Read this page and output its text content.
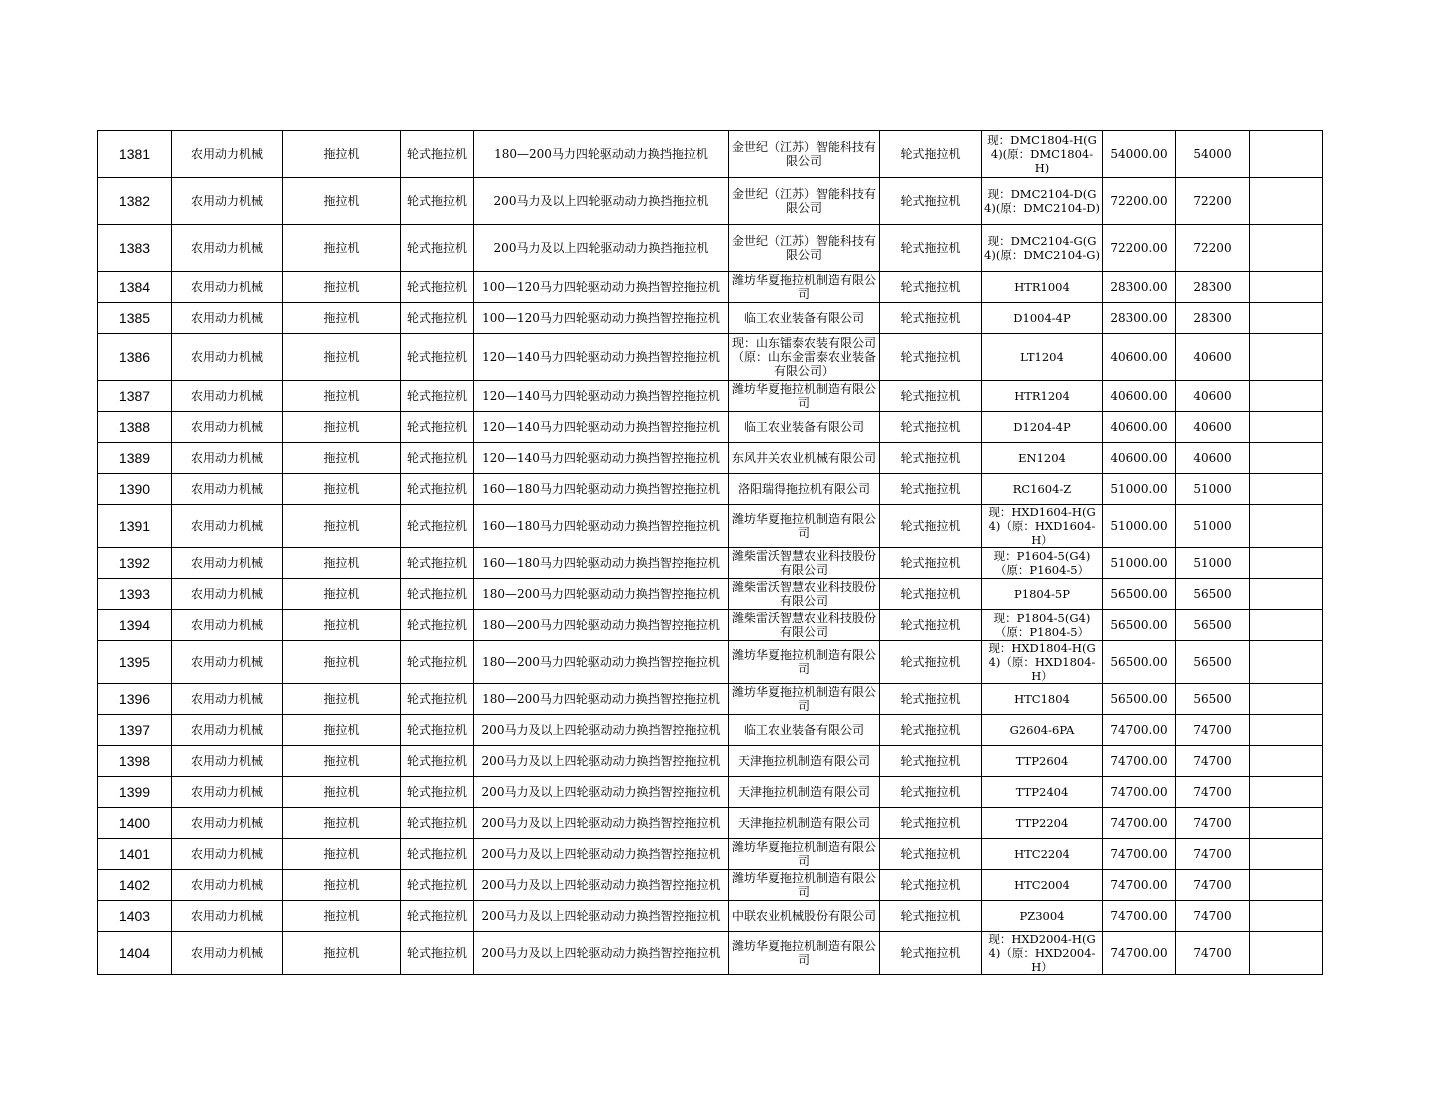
1381	农用动力机械	拖拉机	轮式拖拉机	180—200马力四轮驱动动力换挡拖拉机	金世纪（江苏）智能科技有限公司	轮式拖拉机	现：DMC1804-H(G4)(原：DMC1804-H)	54000.00	54000	
1382	农用动力机械	拖拉机	轮式拖拉机	200马力及以上四轮驱动动力换挡拖拉机	金世纪（江苏）智能科技有限公司	轮式拖拉机	现：DMC2104-D(G4)(原：DMC2104-D)	72200.00	72200	
1383	农用动力机械	拖拉机	轮式拖拉机	200马力及以上四轮驱动动力换挡拖拉机	金世纪（江苏）智能科技有限公司	轮式拖拉机	现：DMC2104-G(G4)(原：DMC2104-G)	72200.00	72200	
1384	农用动力机械	拖拉机	轮式拖拉机	100—120马力四轮驱动动力换挡智控拖拉机	潍坊华夏拖拉机制造有限公司	轮式拖拉机	HTR1004	28300.00	28300	
1385	农用动力机械	拖拉机	轮式拖拉机	100—120马力四轮驱动动力换挡智控拖拉机	临工农业装备有限公司	轮式拖拉机	D1004-4P	28300.00	28300	
1386	农用动力机械	拖拉机	轮式拖拉机	120—140马力四轮驱动动力换挡智控拖拉机	现：山东镭泰农装有限公司（原：山东金雷泰农业装备有限公司）	轮式拖拉机	LT1204	40600.00	40600	
1387	农用动力机械	拖拉机	轮式拖拉机	120—140马力四轮驱动动力换挡智控拖拉机	潍坊华夏拖拉机制造有限公司	轮式拖拉机	HTR1204	40600.00	40600	
1388	农用动力机械	拖拉机	轮式拖拉机	120—140马力四轮驱动动力换挡智控拖拉机	临工农业装备有限公司	轮式拖拉机	D1204-4P	40600.00	40600	
1389	农用动力机械	拖拉机	轮式拖拉机	120—140马力四轮驱动动力换挡智控拖拉机	东风井关农业机械有限公司	轮式拖拉机	EN1204	40600.00	40600	
1390	农用动力机械	拖拉机	轮式拖拉机	160—180马力四轮驱动动力换挡智控拖拉机	洛阳瑞得拖拉机有限公司	轮式拖拉机	RC1604-Z	51000.00	51000	
1391	农用动力机械	拖拉机	轮式拖拉机	160—180马力四轮驱动动力换挡智控拖拉机	潍坊华夏拖拉机制造有限公司	轮式拖拉机	现：HXD1604-H(G4)（原：HXD1604-H）	51000.00	51000	
1392	农用动力机械	拖拉机	轮式拖拉机	160—180马力四轮驱动动力换挡智控拖拉机	潍柴雷沃智慧农业科技股份有限公司	轮式拖拉机	现：P1604-5(G4)（原：P1604-5）	51000.00	51000	
1393	农用动力机械	拖拉机	轮式拖拉机	180—200马力四轮驱动动力换挡智控拖拉机	潍柴雷沃智慧农业科技股份有限公司	轮式拖拉机	P1804-5P	56500.00	56500	
1394	农用动力机械	拖拉机	轮式拖拉机	180—200马力四轮驱动动力换挡智控拖拉机	潍柴雷沃智慧农业科技股份有限公司	轮式拖拉机	现：P1804-5(G4)（原：P1804-5）	56500.00	56500	
1395	农用动力机械	拖拉机	轮式拖拉机	180—200马力四轮驱动动力换挡智控拖拉机	潍坊华夏拖拉机制造有限公司	轮式拖拉机	现：HXD1804-H(G4)（原：HXD1804-H）	56500.00	56500	
1396	农用动力机械	拖拉机	轮式拖拉机	180—200马力四轮驱动动力换挡智控拖拉机	潍坊华夏拖拉机制造有限公司	轮式拖拉机	HTC1804	56500.00	56500	
1397	农用动力机械	拖拉机	轮式拖拉机	200马力及以上四轮驱动动力换挡智控拖拉机	临工农业装备有限公司	轮式拖拉机	G2604-6PA	74700.00	74700	
1398	农用动力机械	拖拉机	轮式拖拉机	200马力及以上四轮驱动动力换挡智控拖拉机	天津拖拉机制造有限公司	轮式拖拉机	TTP2604	74700.00	74700	
1399	农用动力机械	拖拉机	轮式拖拉机	200马力及以上四轮驱动动力换挡智控拖拉机	天津拖拉机制造有限公司	轮式拖拉机	TTP2404	74700.00	74700	
1400	农用动力机械	拖拉机	轮式拖拉机	200马力及以上四轮驱动动力换挡智控拖拉机	天津拖拉机制造有限公司	轮式拖拉机	TTP2204	74700.00	74700	
1401	农用动力机械	拖拉机	轮式拖拉机	200马力及以上四轮驱动动力换挡智控拖拉机	潍坊华夏拖拉机制造有限公司	轮式拖拉机	HTC2204	74700.00	74700	
1402	农用动力机械	拖拉机	轮式拖拉机	200马力及以上四轮驱动动力换挡智控拖拉机	潍坊华夏拖拉机制造有限公司	轮式拖拉机	HTC2004	74700.00	74700	
1403	农用动力机械	拖拉机	轮式拖拉机	200马力及以上四轮驱动动力换挡智控拖拉机	中联农业机械股份有限公司	轮式拖拉机	PZ3004	74700.00	74700	
1404	农用动力机械	拖拉机	轮式拖拉机	200马力及以上四轮驱动动力换挡智控拖拉机	潍坊华夏拖拉机制造有限公司	轮式拖拉机	现：HXD2004-H(G4)（原：HXD2004-H）	74700.00	74700	
